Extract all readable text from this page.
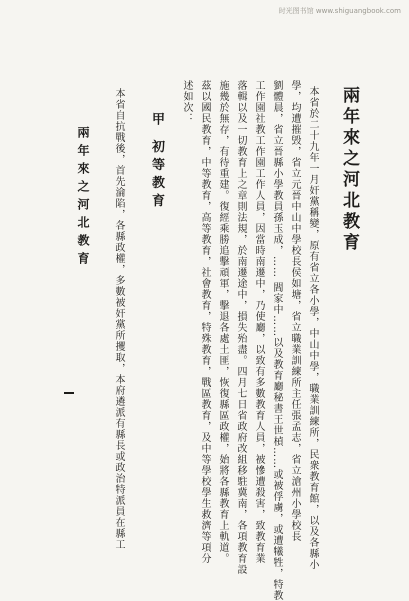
时光图书馆 www.shiguangbook.com
兩年來之河北教育
本省於二十九年一月奸黨稱變，原有省立各小學，中山中學，職業訓練所，民衆教育館，以及各縣小
學，均遭摧毁，省立元晉中山中學校長侯如塘，省立職業訓練所主任張孟志，省立滄州小學校長
劉體晨，省立晉縣小學教員孫玉成，…… 閻家中……以及教育廳秘書王世楨……或被俘虜，或遭犧牲，特教
工作園社教工作園工作人員，因當時南遷中，乃使廳，以致有多數教育人員，被慘遭殺害，致教育業
落輯以及一切教育上之章則法規，於南遷途中，損失殆盡。四月七日省政府改組移駐冀南，各項教育設
施幾於無存，有待重建。復經乘勝追擊頑軍，擊退各處土匪，恢復縣區政權，始將各縣教育上軌道。
茲以國民教育，中等教育，高等教育，社會教育，特殊教育，戰區教育，及中等學校學生救濟等項分
述如次：
甲 初等教育
本省自抗戰後，首先淪陷，各縣政權，多數被奸黨所攫取，本府遴派有縣長或政治特派員在縣工
兩年來之河北教育
